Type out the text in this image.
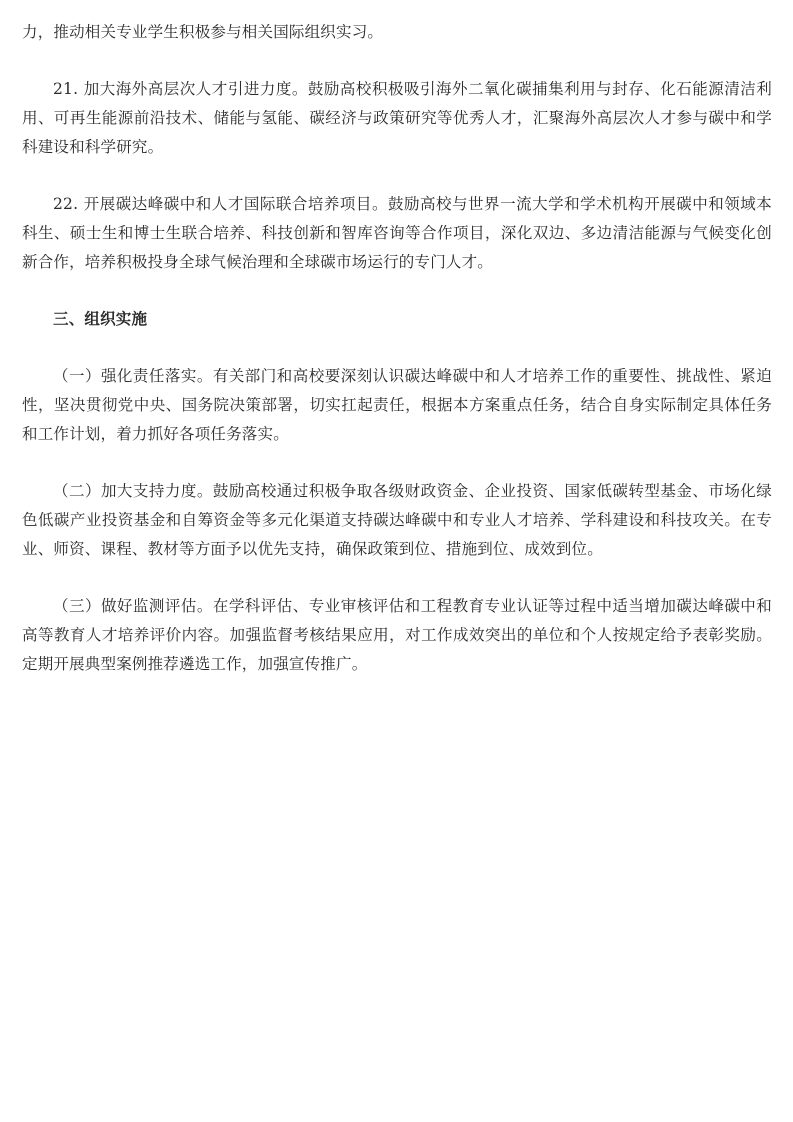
力，推动相关专业学生积极参与相关国际组织实习。

21. 加大海外高层次人才引进力度。鼓励高校积极吸引海外二氧化碳捕集利用与封存、化石能源清洁利用、可再生能源前沿技术、储能与氢能、碳经济与政策研究等优秀人才，汇聚海外高层次人才参与碳中和学科建设和科学研究。

22. 开展碳达峰碳中和人才国际联合培养项目。鼓励高校与世界一流大学和学术机构开展碳中和领域本科生、硕士生和博士生联合培养、科技创新和智库咨询等合作项目，深化双边、多边清洁能源与气候变化创新合作，培养积极投身全球气候治理和全球碳市场运行的专门人才。

三、组织实施

（一）强化责任落实。有关部门和高校要深刻认识碳达峰碳中和人才培养工作的重要性、挑战性、紧迫性，坚决贯彻党中央、国务院决策部署，切实扛起责任，根据本方案重点任务，结合自身实际制定具体任务和工作计划，着力抓好各项任务落实。

（二）加大支持力度。鼓励高校通过积极争取各级财政资金、企业投资、国家低碳转型基金、市场化绿色低碳产业投资基金和自筹资金等多元化渠道支持碳达峰碳中和专业人才培养、学科建设和科技攻关。在专业、师资、课程、教材等方面予以优先支持，确保政策到位、措施到位、成效到位。

（三）做好监测评估。在学科评估、专业审核评估和工程教育专业认证等过程中适当增加碳达峰碳中和高等教育人才培养评价内容。加强监督考核结果应用，对工作成效突出的单位和个人按规定给予表彰奖励。定期开展典型案例推荐遴选工作，加强宣传推广。
